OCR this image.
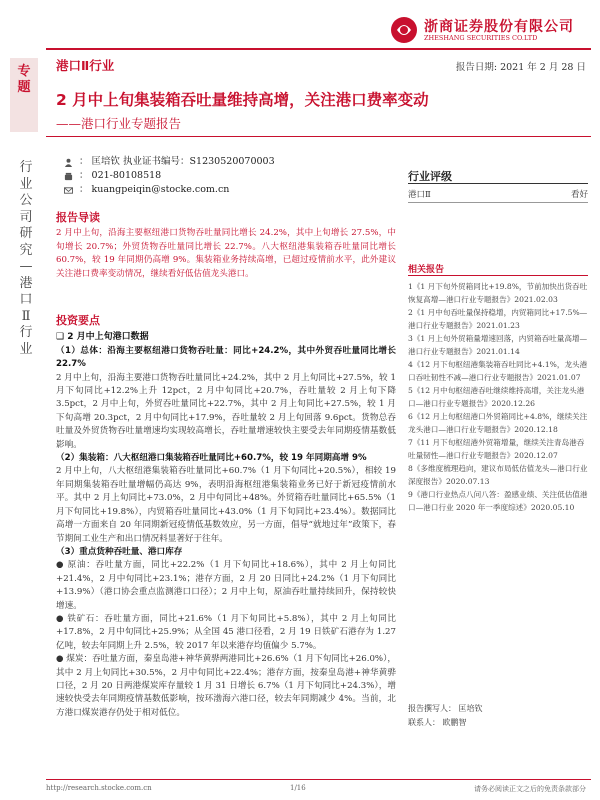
浙商证券股份有限公司
ZHESHANG SECURITIES CO.LTD
专题
港口Ⅱ行业	报告日期: 2021 年 2 月 28 日
2 月中上旬集装箱吞吐量维持高增，关注港口费率变动
——港口行业专题报告
行业公司研究—港口Ⅱ行业
： 匡培钦 执业证书编号：S1230520070003
： 021-80108518
： kuangpeiqin@stocke.com.cn
报告导读

2 月中上旬，沿海主要枢纽港口货物吞吐量同比增长 24.2%，其中上旬增长 27.5%，中旬增长 20.7%；外贸货物吞吐量同比增长 22.7%。八大枢纽港集装箱吞吐量同比增长 60.7%，较 19 年同期仍高增 9%。集装箱业务持续高增，已超过疫情前水平，此外建议关注港口费率变动情况，继续看好低估值龙头港口。

投资要点
❑ 2 月中上旬港口数据

（1）总体：沿海主要枢纽港口货物吞吐量：同比+24.2%，其中外贸吞吐量同比增长 22.7%

2 月中上旬，沿海主要港口货物吞吐量同比+24.2%，其中 2 月上旬同比+27.5%，较 1 月下旬同比+12.2%上升 12pct，2 月中旬同比+20.7%，吞吐量较 2 月上旬下降 3.5pct，2 月中上旬，外贸吞吐量同比+22.7%，其中 2 月上旬同比+27.5%，较 1 月下旬高增 20.3pct，2 月中旬同比+17.9%，吞吐量较 2 月上旬回落 9.6pct。货物总吞吐量及外贸货物吞吐量增速均实现较高增长，吞吐量增速较快主要受去年同期疫情基数低影响。

（2）集装箱：八大枢纽港口集装箱吞吐量同比+60.7%，较 19 年同期高增 9%

2 月中上旬，八大枢纽港集装箱吞吐量同比+60.7%（1 月下旬同比+20.5%），相较 19 年同期集装箱吞吐量增幅仍高达 9%，表明沿海枢纽港集装箱业务已好于新冠疫情前水平。其中 2 月上旬同比+73.0%，2 月中旬同比+48%。外贸箱吞吐量同比+65.5%（1 月下旬同比+19.8%），内贸箱吞吐量同比+43.0%（1 月下旬同比+23.4%）。数据同比高增一方面来自 20 年同期新冠疫情低基数效应，另一方面，倡导“就地过年”政策下，春节期间工业生产和出口情况料显著好于往年。

（3）重点货种吞吐量、港口库存

● 原油：吞吐量方面，同比+22.2%（1 月下旬同比+18.6%），其中 2 月上旬同比+21.4%，2 月中旬同比+23.1%；港存方面，2 月 20 日同比+24.2%（1 月下旬同比+13.9%）（港口协会重点监测港口口径）；2 月中上旬，原油吞吐量持续回升，保持较快增速。

● 铁矿石：吞吐量方面，同比+21.6%（1 月下旬同比+5.8%），其中 2 月上旬同比+17.8%，2 月中旬同比+25.9%；从全国 45 港口径看，2 月 19 日铁矿石港存为 1.27 亿吨，较去年同期上升 2.5%，较 2017 年以来港存均值偏少 5.7%。

● 煤炭：吞吐量方面，秦皇岛港+神华黄骅两港同比+26.6%（1 月下旬同比+26.0%），其中 2 月上旬同比+30.5%，2 月中旬同比+22.4%；港存方面，按秦皇岛港+神华黄骅口径，2 月 20 日两港煤炭库存量较 1 月 31 日增长 6.7%（1 月下旬同比+24.3%），增速较快受去年同期疫情基数低影响，按环渤海六港口径，较去年同期减少 4%。当前，北方港口煤炭港存仍处于相对低位。

行业评级
港口Ⅱ	看好
相关报告

1《1 月下旬外贸箱同比+19.8%，节前加快出货吞吐恢复高增—港口行业专题报告》2021.02.03

2《1 月中旬吞吐量保持稳增，内贸箱同比+17.5%—港口行业专题报告》2021.01.23

3《1 月上旬外贸箱量增速回落，内贸箱吞吐量高增—港口行业专题报告》2021.01.14

4《12 月下旬枢纽港集装箱吞吐同比+4.1%，龙头港口吞吐韧性不减—港口行业专题报告》2021.01.07

5《12 月中旬枢纽港吞吐继续维持高增，关注龙头港口—港口行业专题报告》2020.12.26

6《12 月上旬枢纽港口外贸箱同比+4.8%，继续关注龙头港口—港口行业专题报告》2020.12.18

7《11 月下旬枢纽港外贸箱增量，继续关注青岛港吞吐量韧性—港口行业专题报告》2020.12.07

8《多维度梳理趋向，建议布局低估值龙头—港口行业深度报告》2020.07.13

9《港口行业热点八问八答：盈感业绩、关注低估值港口—港口行业 2020 年一季度综述》2020.05.10

报告撰写人： 匡培钦
联系人： 欧鹏智
http://research.stocke.com.cn	1/16	请务必阅读正文之后的免责条款部分
